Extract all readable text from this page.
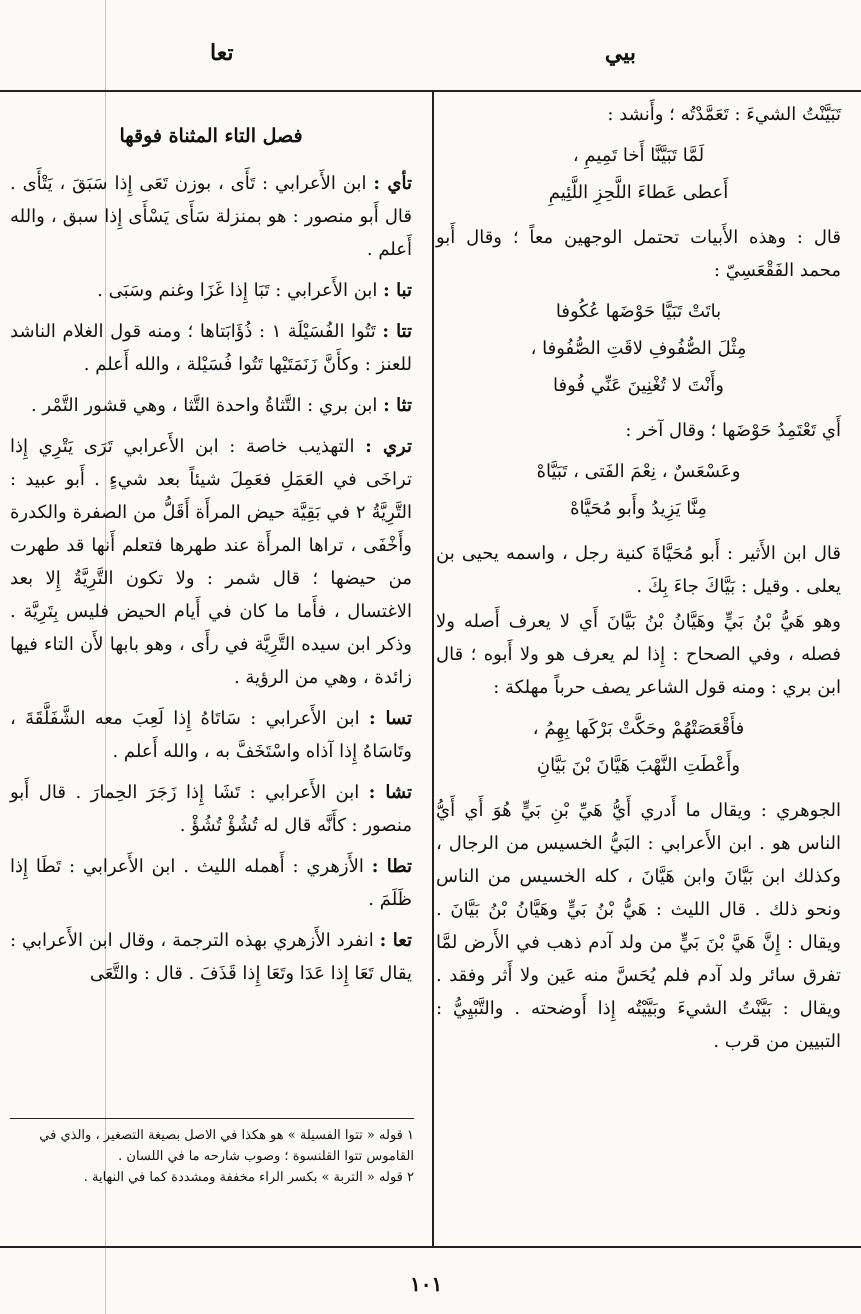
بيي
تعا

تَبَيَّنْتُ الشيءَ : تَعَمَّدْتُه ؛ وأَنشد :

لَمَّا تَبَيَّنَّا أَخا تَمِيمِ ،

أَعطى عَطاءَ اللَّحِزِ اللَّئِيمِ

قال : وهذه الأَبيات تحتمل الوجهين معاً ؛ وقال أَبو محمد الفَقْعَسِيّ :

باتَتْ تَبَيَّا حَوْضَها عُكُوفا

مِثْلَ الصُّفُوفِ لاقَتِ الصُّفُوفا ،

وأَنْتَ لا تُغْنِينَ عَنِّي فُوفا

أَي تَعْتَمِدُ حَوْضَها ؛ وقال آخر :

وعَسْعَسٌ ، نِعْمَ الفَتى ، تَبَيَّاهْ

مِنَّا يَزِيدُ وأَبو مُحَيَّاهْ

قال ابن الأَثير : أَبو مُحَيَّاةَ كنية رجل ، واسمه يحيى بن يعلى . وقيل : بَيَّاكَ جاءَ بِكَ .

وهو هَيُّ بْنُ بَيٍّ وهَيَّانُ بْنُ بَيَّانَ أَي لا يعرف أَصله ولا فصله ، وفي الصحاح : إِذا لم يعرف هو ولا أَبوه ؛ قال ابن بري : ومنه قول الشاعر يصف حرباً مهلكة :

فأَقْعَصَتْهُمْ وحَكَّتْ بَرْكَها بِهِمُ ،

وأَعْطَتِ النَّهْبَ هَيَّانَ بْنَ بَيَّانِ

الجوهري : ويقال ما أَدري أَيُّ هَيِّ بْنِ بَيٍّ هُوَ أَي أَيُّ الناس هو . ابن الأَعرابي : البَيُّ الخسيس من الرجال ، وكذلك ابن بَيَّانَ وابن هَيَّانَ ، كله الخسيس من الناس ونحو ذلك . قال الليث : هَيُّ بْنُ بَيٍّ وهَيَّانُ بْنُ بَيَّانَ . ويقال : إِنَّ هَيَّ بْنَ بَيٍّ من ولد آدم ذهب في الأَرض لمَّا تفرق سائر ولد آدم فلم يُحَسَّ منه عَين ولا أَثر وفقد . ويقال : بَيَّنْتُ الشيءَ وبَيَّيْتُه إِذا أَوضحته . والتَّبْيِيُّ : التبيين من قرب .

فصل التاء المثناة فوقها

تأي : ابن الأَعرابي : تَأَى ، بوزن تَعَى إِذا سَبَقَ ، يَتْأَى . قال أَبو منصور : هو بمنزلة سَأَى يَسْأَى إِذا سبق ، والله أَعلم .

تبا : ابن الأَعرابي : تَبَا إِذا غَزَا وغنم وسَبَى .

تتا : تَتُوا الفُسَيْلَة ١ : ذُؤَابَتاها ؛ ومنه قول الغلام الناشد للعنز : وكأَنَّ زَنَمَتَيْها تَتُوا فُسَيْلة ، والله أَعلم .

تثا : ابن بري : التَّثاةُ واحدة التَّثا ، وهي قشور التَّمْر .

تري : التهذيب خاصة : ابن الأَعرابي تَرَى يَتْرِي إِذا تراخَى في العَمَلِ فعَمِلَ شيئاً بعد شيءٍ . أَبو عبيد : التَّرِيَّةُ ٢ في بَقِيَّة حيض المرأَة أَقَلُّ من الصفرة والكدرة وأَخْفَى ، تراها المرأَة عند طهرها فتعلم أَنها قد طهرت من حيضها ؛ قال شمر : ولا تكون التَّرِيَّةُ إِلا بعد الاغتسال ، فأَما ما كان في أَيام الحيض فليس بِتَرِيَّة . وذكر ابن سيده التَّرِيَّة في رأَى ، وهو بابها لأَن التاء فيها زائدة ، وهي من الرؤية .

تسا : ابن الأَعرابي : سَاتَاهُ إِذا لَعِبَ معه الشَّفَلَّقَةَ ، وتَاسَاهُ إِذا آذاه واسْتَخَفَّ به ، والله أَعلم .

تشا : ابن الأَعرابي : تَشَا إِذا زَجَرَ الحِمارَ . قال أَبو منصور : كأَنَّه قال له تُشُؤْ تُشُؤْ .

تطا : الأَزهري : أَهمله الليث . ابن الأَعرابي : تَطَا إِذا ظَلَمَ .

تعا : انفرد الأَزهري بهذه الترجمة ، وقال ابن الأَعرابي : يقال تَعَا إِذا عَدَا وتَعَا إِذا قَذَفَ . قال : والتَّعَى

١ قوله « تتوا الفسيلة » هو هكذا في الاصل بصيغة التصغير ، والذي في القاموس تتوا القلنسوة ؛ وصوب شارحه ما في اللسان .

٢ قوله « التربة » بكسر الراء مخففة ومشددة كما في النهاية .

١٠١
